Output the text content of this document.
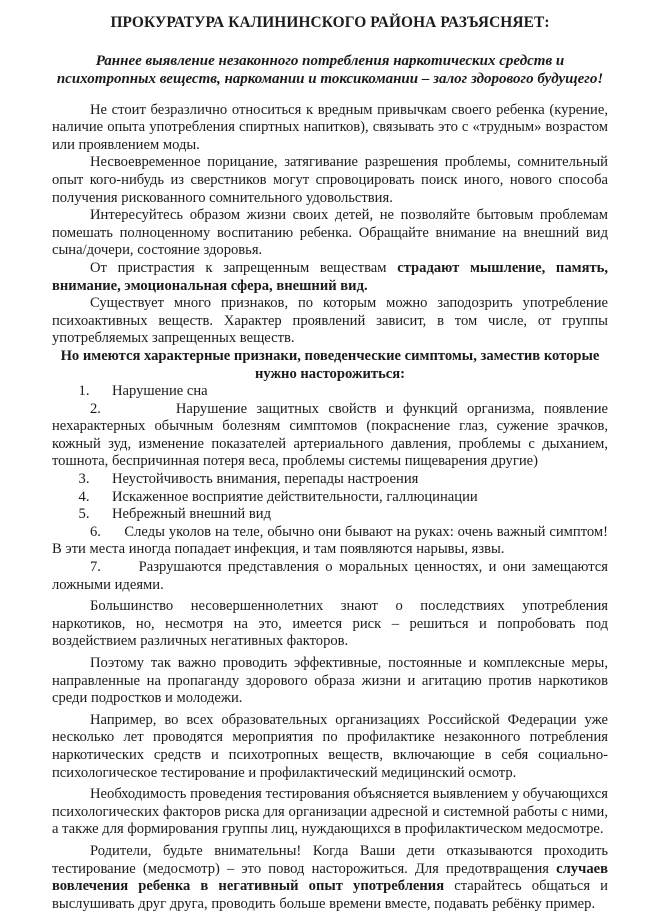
ПРОКУРАТУРА КАЛИНИНСКОГО РАЙОНА РАЗЪЯСНЯЕТ:
Раннее выявление незаконного потребления наркотических средств и психотропных веществ, наркомании и токсикомании – залог здорового будущего!

Не стоит безразлично относиться к вредным привычкам своего ребенка (курение, наличие опыта употребления спиртных напитков), связывать это с «трудным» возрастом или проявлением моды.

Несвоевременное порицание, затягивание разрешения проблемы, сомнительный опыт кого-нибудь из сверстников могут спровоцировать поиск иного, нового способа получения рискованного сомнительного удовольствия.

Интересуйтесь образом жизни своих детей, не позволяйте бытовым проблемам помешать полноценному воспитанию ребенка. Обращайте внимание на внешний вид сына/дочери, состояние здоровья.

От пристрастия к запрещенным веществам страдают мышление, память, внимание, эмоциональная сфера, внешний вид.

Существует много признаков, по которым можно заподозрить употребление психоактивных веществ. Характер проявлений зависит, в том числе, от группы употребляемых запрещенных веществ.

Но имеются характерные признаки, поведенческие симптомы, заместив которые нужно насторожиться:

1.	Нарушение сна
2.	Нарушение защитных свойств и функций организма, появление нехарактерных обычным болезням симптомов (покраснение глаз, сужение зрачков, кожный зуд, изменение показателей артериального давления, проблемы с дыханием, тошнота, беспричинная потеря веса, проблемы системы пищеварения другие)
3.	Неустойчивость внимания, перепады настроения
4.	Искаженное восприятие действительности, галлюцинации
5.	Небрежный внешний вид
6. Следы уколов на теле, обычно они бывают на руках: очень важный симптом! В эти места иногда попадает инфекция, и там появляются нарывы, язвы.
7.	Разрушаются представления о моральных ценностях, и они замещаются ложными идеями.

Большинство несовершеннолетних знают о последствиях употребления наркотиков, но, несмотря на это, имеется риск – решиться и попробовать под воздействием различных негативных факторов.

Поэтому так важно проводить эффективные, постоянные и комплексные меры, направленные на пропаганду здорового образа жизни и агитацию против наркотиков среди подростков и молодежи.

Например, во всех образовательных организациях Российской Федерации уже несколько лет проводятся мероприятия по профилактике незаконного потребления наркотических средств и психотропных веществ, включающие в себя социально-психологическое тестирование и профилактический медицинский осмотр.

Необходимость проведения тестирования объясняется выявлением у обучающихся психологических факторов риска для организации адресной и системной работы с ними, а также для формирования группы лиц, нуждающихся в профилактическом медосмотре.

Родители, будьте внимательны! Когда Ваши дети отказываются проходить тестирование (медосмотр) – это повод насторожиться. Для предотвращения случаев вовлечения ребенка в негативный опыт употребления старайтесь общаться и выслушивать друг друга, проводить больше времени вместе, подавать ребёнку пример.
